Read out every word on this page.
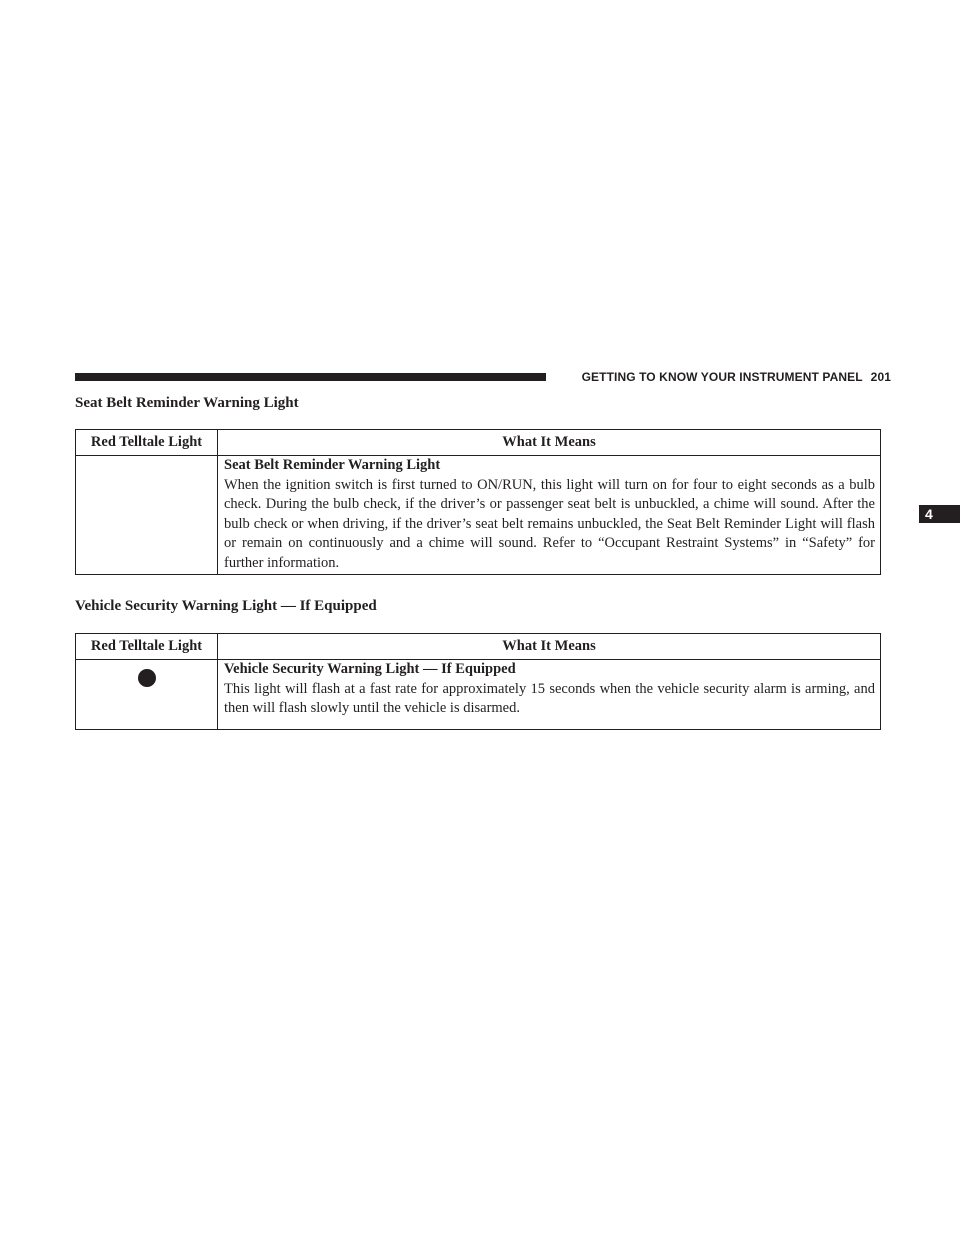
GETTING TO KNOW YOUR INSTRUMENT PANEL 201
4
Seat Belt Reminder Warning Light
Red Telltale Light	What It Means

	Seat Belt Reminder Warning Light
When the ignition switch is first turned to ON/RUN, this light will turn on for four to eight seconds as a bulb check. During the bulb check, if the driver’s or passenger seat belt is unbuckled, a chime will sound. After the bulb check or when driving, if the driver’s seat belt remains unbuckled, the Seat Belt Reminder Light will flash or remain on continuously and a chime will sound. Refer to “Occupant Restraint Systems” in “Safety” for further information.
Vehicle Security Warning Light — If Equipped
Red Telltale Light	What It Means

	Vehicle Security Warning Light — If Equipped
This light will flash at a fast rate for approximately 15 seconds when the vehicle security alarm is arming, and then will flash slowly until the vehicle is disarmed.
